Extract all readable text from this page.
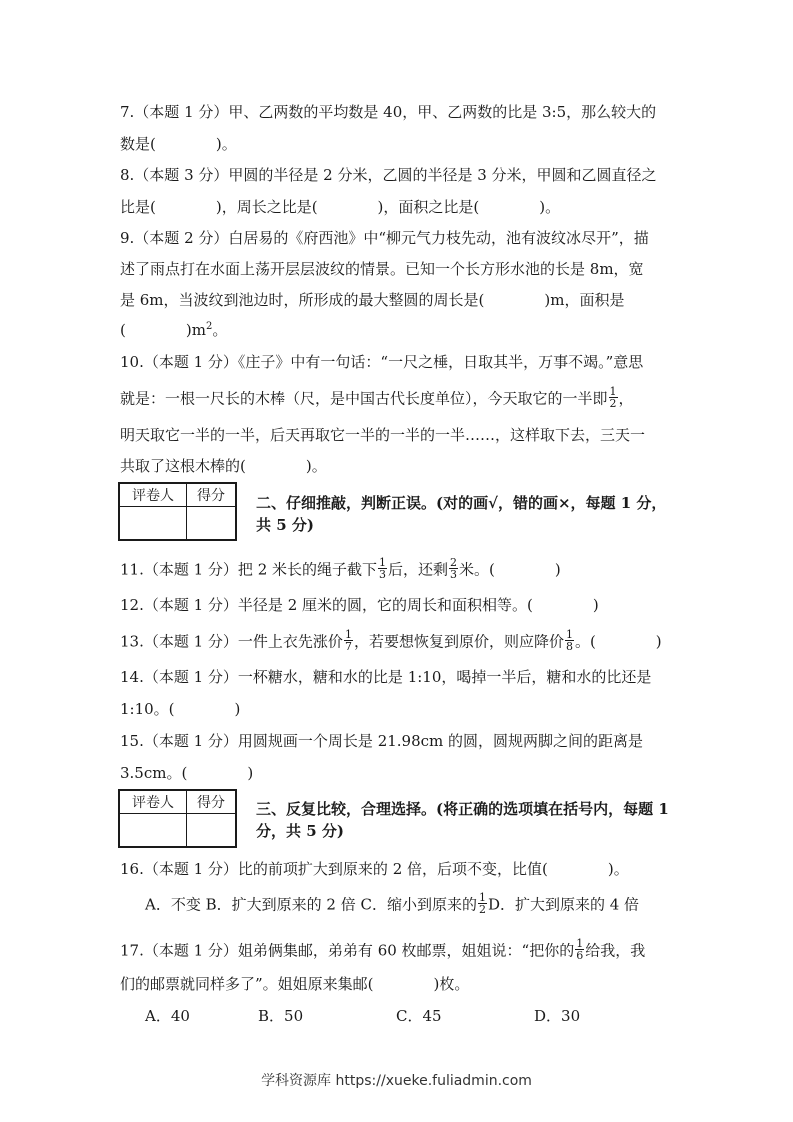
7.（本题 1 分）甲、乙两数的平均数是 40，甲、乙两数的比是 3:5，那么较大的
数是(　　　　)。
8.（本题 3 分）甲圆的半径是 2 分米，乙圆的半径是 3 分米，甲圆和乙圆直径之
比是(　　　　)，周长之比是(　　　　)，面积之比是(　　　　)。
9.（本题 2 分）白居易的《府西池》中“柳元气力枝先动，池有波纹冰尽开”，描
述了雨点打在水面上荡开层层波纹的情景。已知一个长方形水池的长是 8m，宽
是 6m，当波纹到池边时，所形成的最大整圆的周长是(　　　　)m，面积是
(　　　　)$m^2$。
10.（本题 1 分）《庄子》中有一句话：“一尺之棰，日取其半，万事不竭。”意思
就是：一根一尺长的木棒（尺，是中国古代长度单位），今天取它的一半即 $\frac{1}{2}$ ，
明天取它一半的一半，后天再取它一半的一半的一半……，这样取下去，三天一
共取了这根木棒的(　　　　)。
评卷人	得分
	二、仔细推敲，判断正误。(对的画√，错的画×，每题 1 分，共 5 分)
11.（本题 1 分）把 2 米长的绳子截下 $\frac{1}{3}$ 后，还剩 $\frac{2}{3}$ 米。(　　　　)
12.（本题 1 分）半径是 2 厘米的圆，它的周长和面积相等。(　　　　)
13.（本题 1 分）一件上衣先涨价 $\frac{1}{7}$ ，若要想恢复到原价，则应降价 $\frac{1}{8}$ 。(　　　　)
14.（本题 1 分）一杯糖水，糖和水的比是 1:10，喝掉一半后，糖和水的比还是
1:10。(　　　　)
15.（本题 1 分）用圆规画一个周长是 21.98cm 的圆，圆规两脚之间的距离是
3.5cm。(　　　　)
评卷人	得分
	三、反复比较，合理选择。(将正确的选项填在括号内，每题 1 分，共 5 分)
16.（本题 1 分）比的前项扩大到原来的 2 倍，后项不变，比值(　　　　)。
A．不变 B．扩大到原来的 2 倍 C．缩小到原来的 $\frac{1}{2}$ D．扩大到原来的 4 倍
17.（本题 1 分）姐弟俩集邮，弟弟有 60 枚邮票，姐姐说：“把你的 $\frac{1}{6}$ 给我，我
们的邮票就同样多了”。姐姐原来集邮(　　　　)枚。
A．40	B．50	C．45	D．30
学科资源库 https://xueke.fuliadmin.com
